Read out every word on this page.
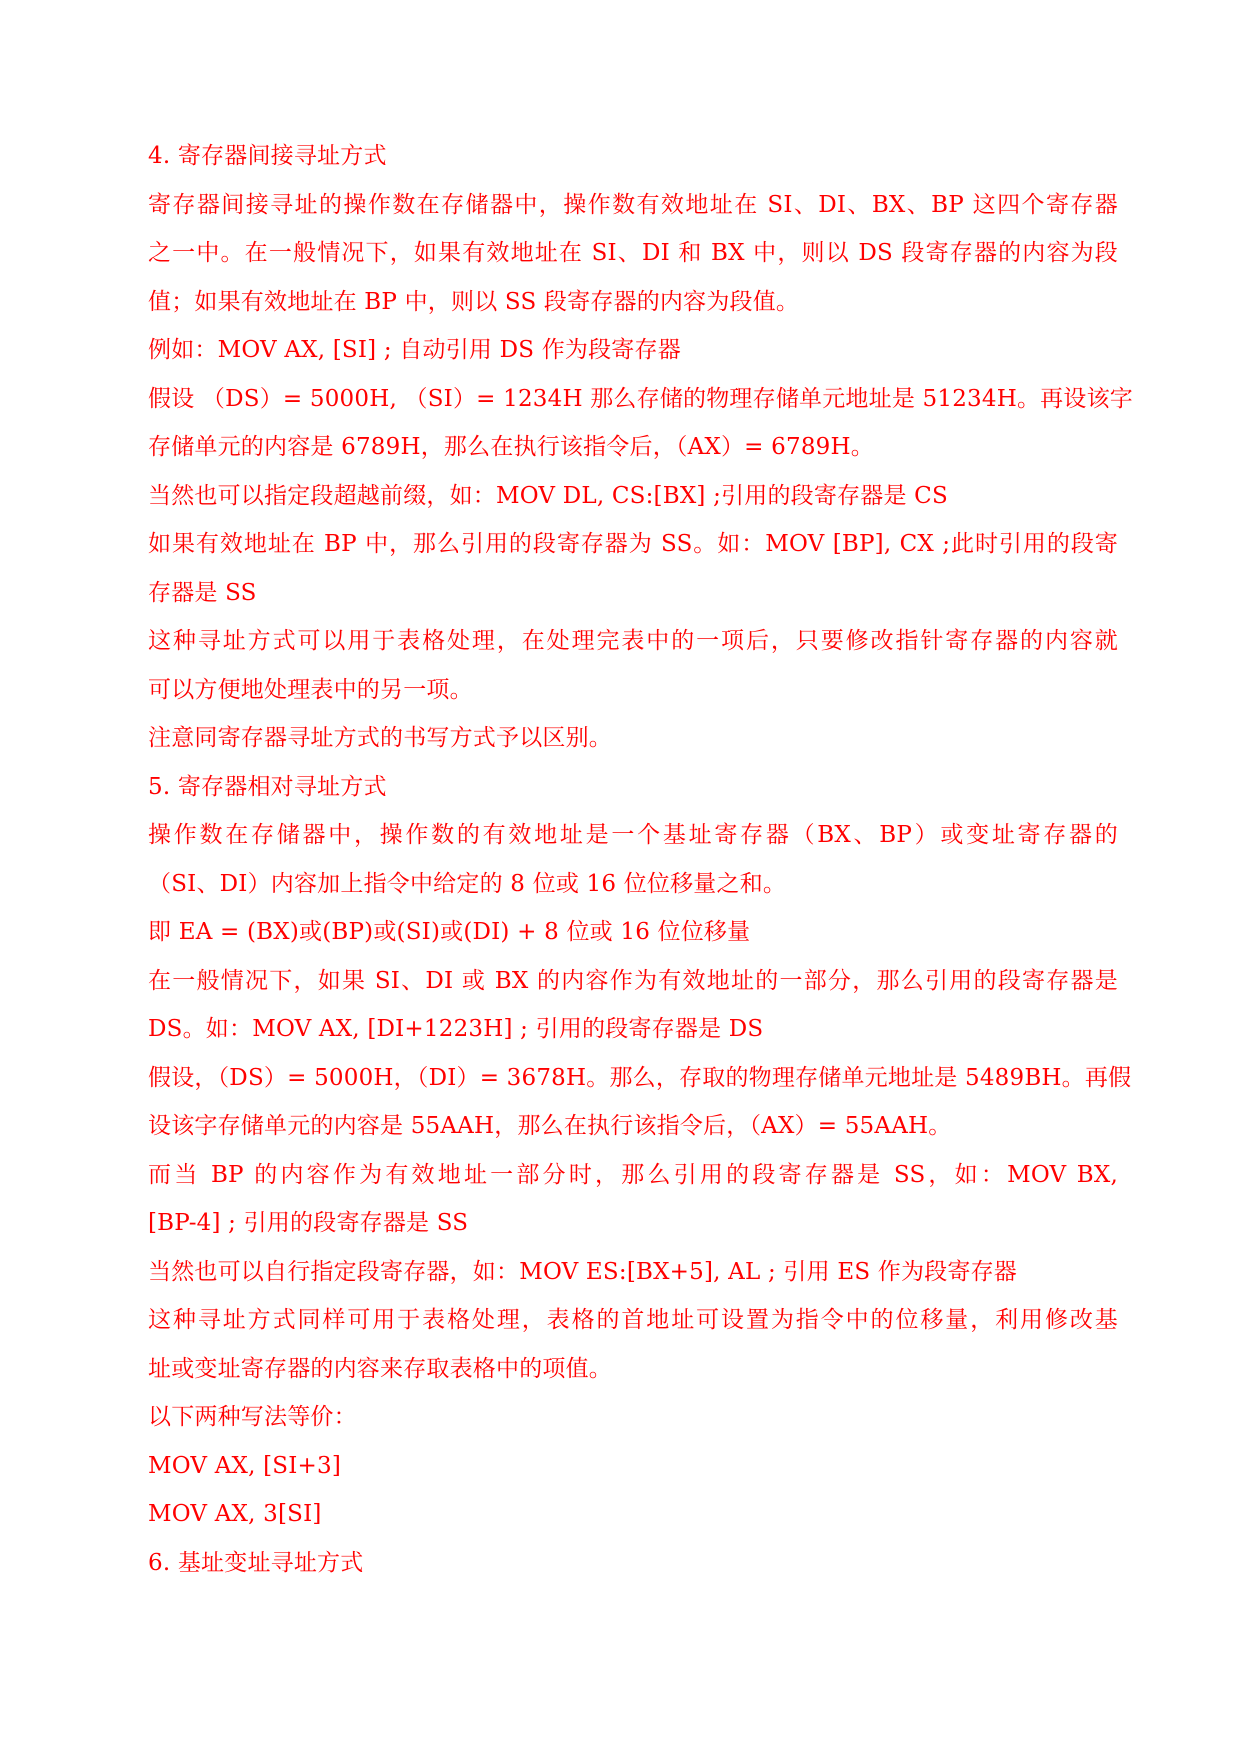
4. 寄存器间接寻址方式
寄存器间接寻址的操作数在存储器中，操作数有效地址在 SI、DI、BX、BP 这四个寄存器
之一中。在一般情况下，如果有效地址在 SI、DI 和 BX 中，则以 DS 段寄存器的内容为段
值；如果有效地址在 BP 中，则以 SS 段寄存器的内容为段值。
例如：MOV AX, [SI] ; 自动引用 DS 作为段寄存器
假设 （DS）= 5000H, （SI）= 1234H 那么存储的物理存储单元地址是 51234H。再设该字
存储单元的内容是 6789H，那么在执行该指令后，（AX）= 6789H。
当然也可以指定段超越前缀，如：MOV DL, CS:[BX] ;引用的段寄存器是 CS
如果有效地址在 BP 中，那么引用的段寄存器为 SS。如：MOV [BP], CX ;此时引用的段寄
存器是 SS
这种寻址方式可以用于表格处理，在处理完表中的一项后，只要修改指针寄存器的内容就
可以方便地处理表中的另一项。
注意同寄存器寻址方式的书写方式予以区别。
5. 寄存器相对寻址方式
操作数在存储器中，操作数的有效地址是一个基址寄存器（BX、BP）或变址寄存器的
（SI、DI）内容加上指令中给定的 8 位或 16 位位移量之和。
即 EA = (BX)或(BP)或(SI)或(DI) + 8 位或 16 位位移量
在一般情况下，如果 SI、DI 或 BX 的内容作为有效地址的一部分，那么引用的段寄存器是
DS。如：MOV AX, [DI+1223H] ; 引用的段寄存器是 DS
假设，（DS）= 5000H，（DI）= 3678H。那么，存取的物理存储单元地址是 5489BH。再假
设该字存储单元的内容是 55AAH，那么在执行该指令后，（AX）= 55AAH。
而当 BP 的内容作为有效地址一部分时，那么引用的段寄存器是 SS，如：MOV BX,
[BP-4] ; 引用的段寄存器是 SS
当然也可以自行指定段寄存器，如：MOV ES:[BX+5], AL ; 引用 ES 作为段寄存器
这种寻址方式同样可用于表格处理，表格的首地址可设置为指令中的位移量，利用修改基
址或变址寄存器的内容来存取表格中的项值。
以下两种写法等价：
MOV AX, [SI+3]
MOV AX, 3[SI]
6. 基址变址寻址方式
